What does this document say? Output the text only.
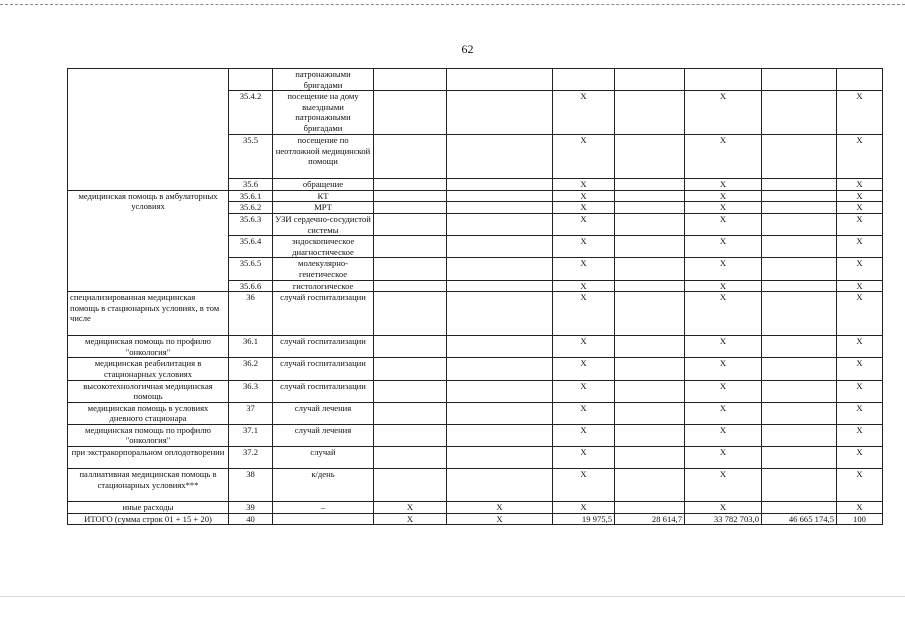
62
		патронажными бригадами							
	35.4.2	посещение на дому выездными патронажными бригадами			Х		Х		Х
	35.5	посещение по неотложной медицинской помощи			Х		Х		Х
	35.6	обращение			Х		Х		Х
медицинская помощь в амбулаторных условиях	35.6.1	КТ			Х		Х		Х
	35.6.2	МРТ			Х		Х		Х
	35.6.3	УЗИ сердечно-сосудистой системы			Х		Х		Х
	35.6.4	эндоскопическое диагностическое			Х		Х		Х
	35.6.5	молекулярно-генетическое			Х		Х		Х
	35.6.6	гистологическое			Х		Х		Х
специализированная медицинская помощь в стационарных условиях, в том числе	36	случай госпитализации			Х		Х		Х
медицинская помощь по профилю "онкология"	36.1	случай госпитализации			Х		Х		Х
медицинская реабилитация в стационарных условиях	36.2	случай госпитализации			Х		Х		Х
высокотехнологичная медицинская помощь	36.3	случай госпитализации			Х		Х		Х
медицинская помощь в условиях дневного стационара	37	случай лечения			Х		Х		Х
медицинская помощь по профилю "онкология"	37.1	случай лечения			Х		Х		Х
при экстракорпоральном оплодотворении	37.2	случай			Х		Х		Х
паллиативная медицинская помощь в стационарных условиях***	38	к/день			Х		Х		Х
иные расходы	39	–	Х	Х	Х		Х		Х
ИТОГО (сумма строк 01 + 15 + 20)	40		Х	Х	19 975,5	28 614,7	33 782 703,0	46 665 174,5	100
